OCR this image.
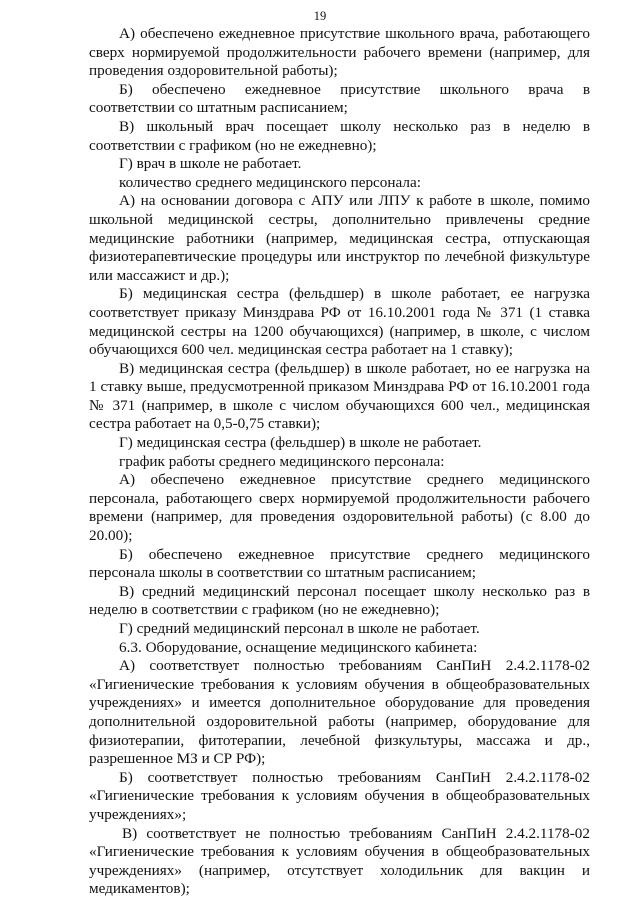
19
А) обеспечено ежедневное присутствие школьного врача, работающего
сверх нормируемой продолжительности рабочего времени (например, для
проведения оздоровительной работы);
Б) обеспечено ежедневное присутствие школьного врача в
соответствии со штатным расписанием;
В) школьный врач посещает школу несколько раз в неделю в
соответствии с графиком (но не ежедневно);
Г) врач в школе не работает.
количество среднего медицинского персонала:
А) на основании договора с АПУ или ЛПУ к работе в школе, помимо
школьной медицинской сестры, дополнительно привлечены средние
медицинские работники (например, медицинская сестра, отпускающая
физиотерапевтические процедуры или инструктор по лечебной физкультуре
или массажист и др.);
Б) медицинская сестра (фельдшер) в школе работает, ее нагрузка
соответствует приказу Минздрава РФ от 16.10.2001 года № 371 (1 ставка
медицинской сестры на 1200 обучающихся) (например, в школе, с числом
обучающихся 600 чел. медицинская сестра работает на 1 ставку);
В) медицинская сестра (фельдшер) в школе работает, но ее нагрузка на
1 ставку выше, предусмотренной приказом Минздрава РФ от 16.10.2001 года
№ 371 (например, в школе с числом обучающихся 600 чел., медицинская
сестра работает на 0,5-0,75 ставки);
Г) медицинская сестра (фельдшер) в школе не работает.
график работы среднего медицинского персонала:
А) обеспечено ежедневное присутствие среднего медицинского
персонала, работающего сверх нормируемой продолжительности рабочего
времени (например, для проведения оздоровительной работы) (с 8.00 до
20.00);
Б) обеспечено ежедневное присутствие среднего медицинского
персонала школы в соответствии со штатным расписанием;
В) средний медицинский персонал посещает школу несколько раз в
неделю в соответствии с графиком (но не ежедневно);
Г) средний медицинский персонал в школе не работает.
6.3. Оборудование, оснащение медицинского кабинета:
А) соответствует полностью требованиям СанПиН 2.4.2.1178-02
«Гигиенические требования к условиям обучения в общеобразовательных
учреждениях» и имеется дополнительное оборудование для проведения
дополнительной оздоровительной работы (например, оборудование для
физиотерапии, фитотерапии, лечебной физкультуры, массажа и др.,
разрешенное МЗ и СР РФ);
Б) соответствует полностью требованиям СанПиН 2.4.2.1178-02
«Гигиенические требования к условиям обучения в общеобразовательных
учреждениях»;
В) соответствует не полностью требованиям СанПиН 2.4.2.1178-02
«Гигиенические требования к условиям обучения в общеобразовательных
учреждениях» (например, отсутствует холодильник для вакцин и
медикаментов);
